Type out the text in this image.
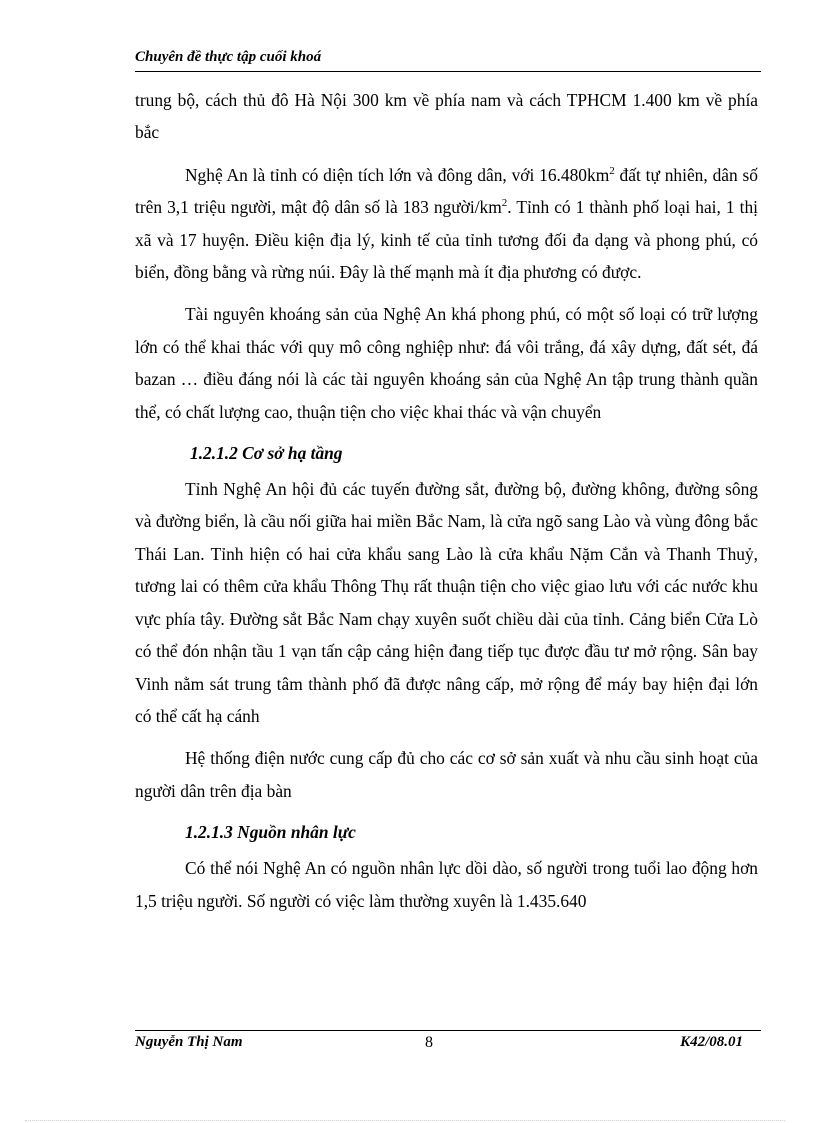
Chuyên đề thực tập cuối khoá

trung bộ, cách thủ đô Hà Nội 300 km về phía nam và cách TPHCM 1.400 km về phía bắc

Nghệ An là tỉnh có diện tích lớn và đông dân, với $16.480km^2$ đất tự nhiên, dân số trên 3,1 triệu người, mật độ dân số là 183 người/$km^2$. Tỉnh có 1 thành phố loại hai, 1 thị xã và 17 huyện. Điều kiện địa lý, kinh tế của tỉnh tương đối đa dạng và phong phú, có biển, đồng bằng và rừng núi. Đây là thế mạnh mà ít địa phương có được.

Tài nguyên khoáng sản của Nghệ An khá phong phú, có một số loại có trữ lượng lớn có thể khai thác với quy mô công nghiệp như: đá vôi trắng, đá xây dựng, đất sét, đá bazan … điều đáng nói là các tài nguyên khoáng sản của Nghệ An tập trung thành quần thể, có chất lượng cao, thuận tiện cho việc khai thác và vận chuyển

1.2.1.2 Cơ sở hạ tầng

Tỉnh Nghệ An hội đủ các tuyến đường sắt, đường bộ, đường không, đường sông và đường biển, là cầu nối giữa hai miền Bắc Nam, là cửa ngõ sang Lào và vùng đông bắc Thái Lan. Tỉnh hiện có hai cửa khẩu sang Lào là cửa khẩu Nặm Cắn và Thanh Thuỷ, tương lai có thêm cửa khẩu Thông Thụ rất thuận tiện cho việc giao lưu với các nước khu vực phía tây. Đường sắt Bắc Nam chạy xuyên suốt chiều dài của tỉnh. Cảng biển Cửa Lò có thể đón nhận tầu 1 vạn tấn cập cảng hiện đang tiếp tục được đầu tư mở rộng. Sân bay Vinh nằm sát trung tâm thành phố đã được nâng cấp, mở rộng để máy bay hiện đại lớn có thể cất hạ cánh

Hệ thống điện nước cung cấp đủ cho các cơ sở sản xuất và nhu cầu sinh hoạt của người dân trên địa bàn

1.2.1.3 Nguồn nhân lực

Có thể nói Nghệ An có nguồn nhân lực dồi dào, số người trong tuổi lao động hơn 1,5 triệu người. Số người có việc làm thường xuyên là 1.435.640

Nguyễn Thị Nam	8	K42/08.01
